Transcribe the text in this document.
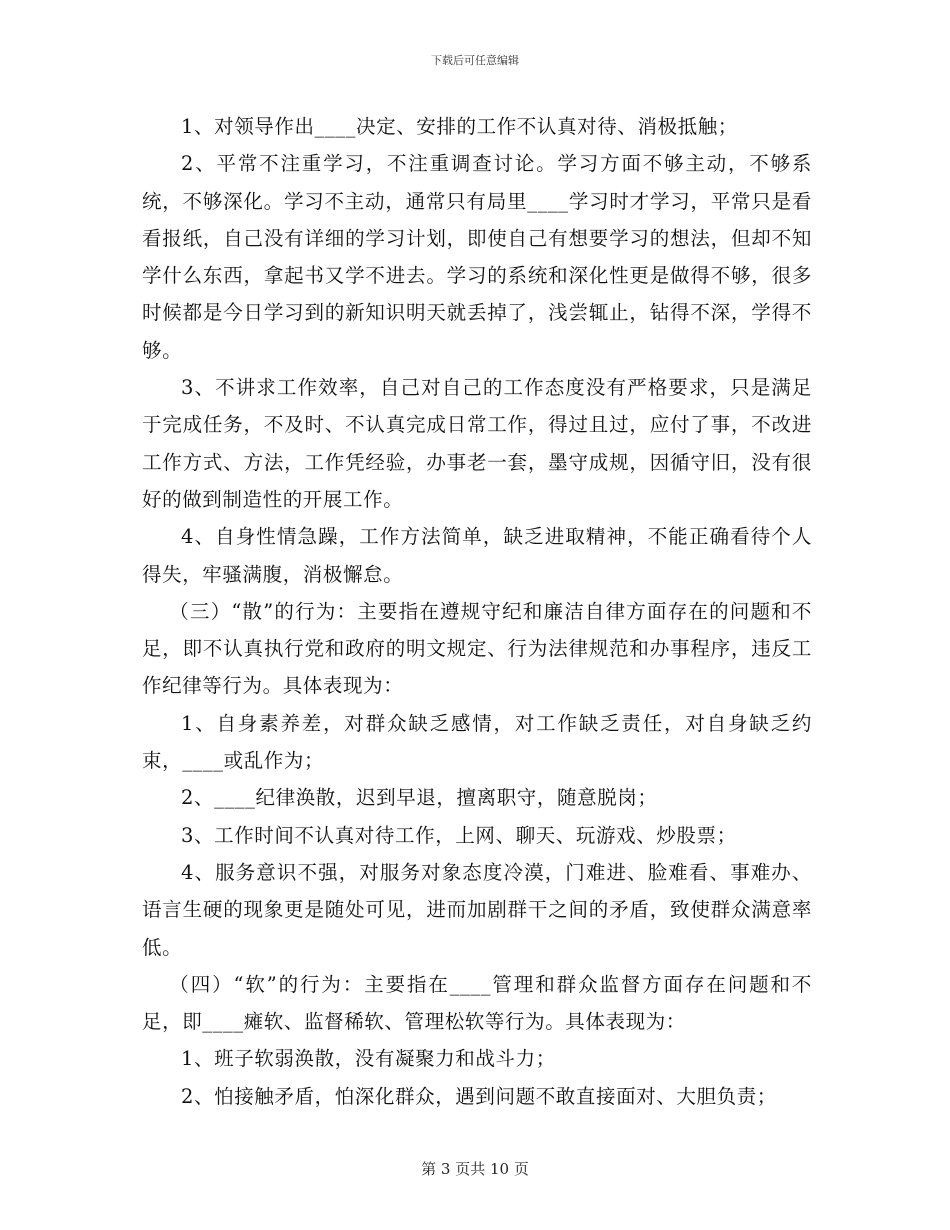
下载后可任意编辑

1、对领导作出____决定、安排的工作不认真对待、消极抵触；

2、平常不注重学习，不注重调查讨论。学习方面不够主动，不够系统，不够深化。学习不主动，通常只有局里____学习时才学习，平常只是看看报纸，自己没有详细的学习计划，即使自己有想要学习的想法，但却不知学什么东西，拿起书又学不进去。学习的系统和深化性更是做得不够，很多时候都是今日学习到的新知识明天就丢掉了，浅尝辄止，钻得不深，学得不够。

3、不讲求工作效率，自己对自己的工作态度没有严格要求，只是满足于完成任务，不及时、不认真完成日常工作，得过且过，应付了事，不改进工作方式、方法，工作凭经验，办事老一套，墨守成规，因循守旧，没有很好的做到制造性的开展工作。

4、自身性情急躁，工作方法简单，缺乏进取精神，不能正确看待个人得失，牢骚满腹，消极懈怠。

（三）“散”的行为：主要指在遵规守纪和廉洁自律方面存在的问题和不足，即不认真执行党和政府的明文规定、行为法律规范和办事程序，违反工作纪律等行为。具体表现为：

1、自身素养差，对群众缺乏感情，对工作缺乏责任，对自身缺乏约束，____或乱作为；

2、____纪律涣散，迟到早退，擅离职守，随意脱岗；

3、工作时间不认真对待工作，上网、聊天、玩游戏、炒股票；

4、服务意识不强，对服务对象态度冷漠，门难进、脸难看、事难办、语言生硬的现象更是随处可见，进而加剧群干之间的矛盾，致使群众满意率低。

（四）“软”的行为：主要指在____管理和群众监督方面存在问题和不足，即____瘫软、监督稀软、管理松软等行为。具体表现为：

1、班子软弱涣散，没有凝聚力和战斗力；

2、怕接触矛盾，怕深化群众，遇到问题不敢直接面对、大胆负责；

第 3 页共 10 页
